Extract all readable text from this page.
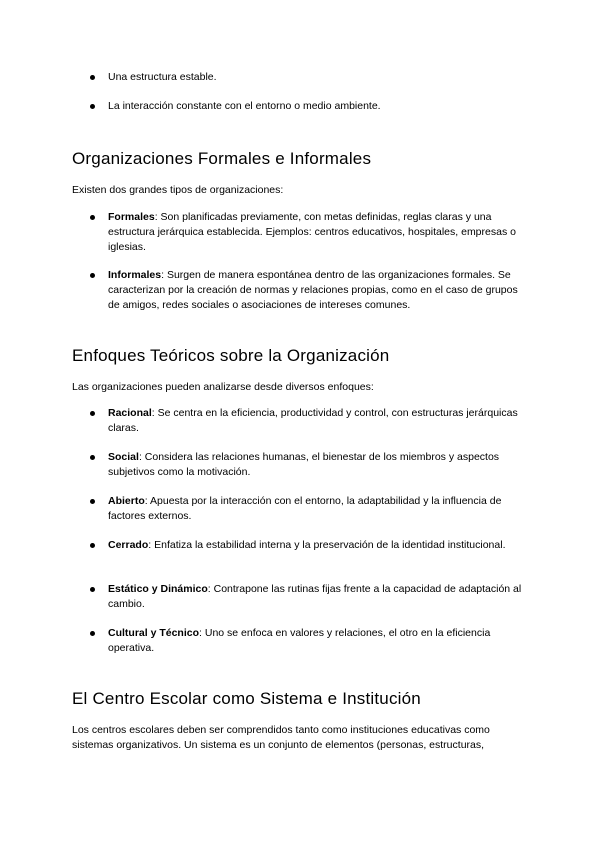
Una estructura estable.
La interacción constante con el entorno o medio ambiente.
Organizaciones Formales e Informales

Existen dos grandes tipos de organizaciones:

Formales: Son planificadas previamente, con metas definidas, reglas claras y una estructura jerárquica establecida. Ejemplos: centros educativos, hospitales, empresas o iglesias.
Informales: Surgen de manera espontánea dentro de las organizaciones formales. Se caracterizan por la creación de normas y relaciones propias, como en el caso de grupos de amigos, redes sociales o asociaciones de intereses comunes.
Enfoques Teóricos sobre la Organización

Las organizaciones pueden analizarse desde diversos enfoques:

Racional: Se centra en la eficiencia, productividad y control, con estructuras jerárquicas claras.
Social: Considera las relaciones humanas, el bienestar de los miembros y aspectos subjetivos como la motivación.
Abierto: Apuesta por la interacción con el entorno, la adaptabilidad y la influencia de factores externos.
Cerrado: Enfatiza la estabilidad interna y la preservación de la identidad institucional.
Estático y Dinámico: Contrapone las rutinas fijas frente a la capacidad de adaptación al cambio.
Cultural y Técnico: Uno se enfoca en valores y relaciones, el otro en la eficiencia operativa.
El Centro Escolar como Sistema e Institución

Los centros escolares deben ser comprendidos tanto como instituciones educativas como sistemas organizativos. Un sistema es un conjunto de elementos (personas, estructuras,
